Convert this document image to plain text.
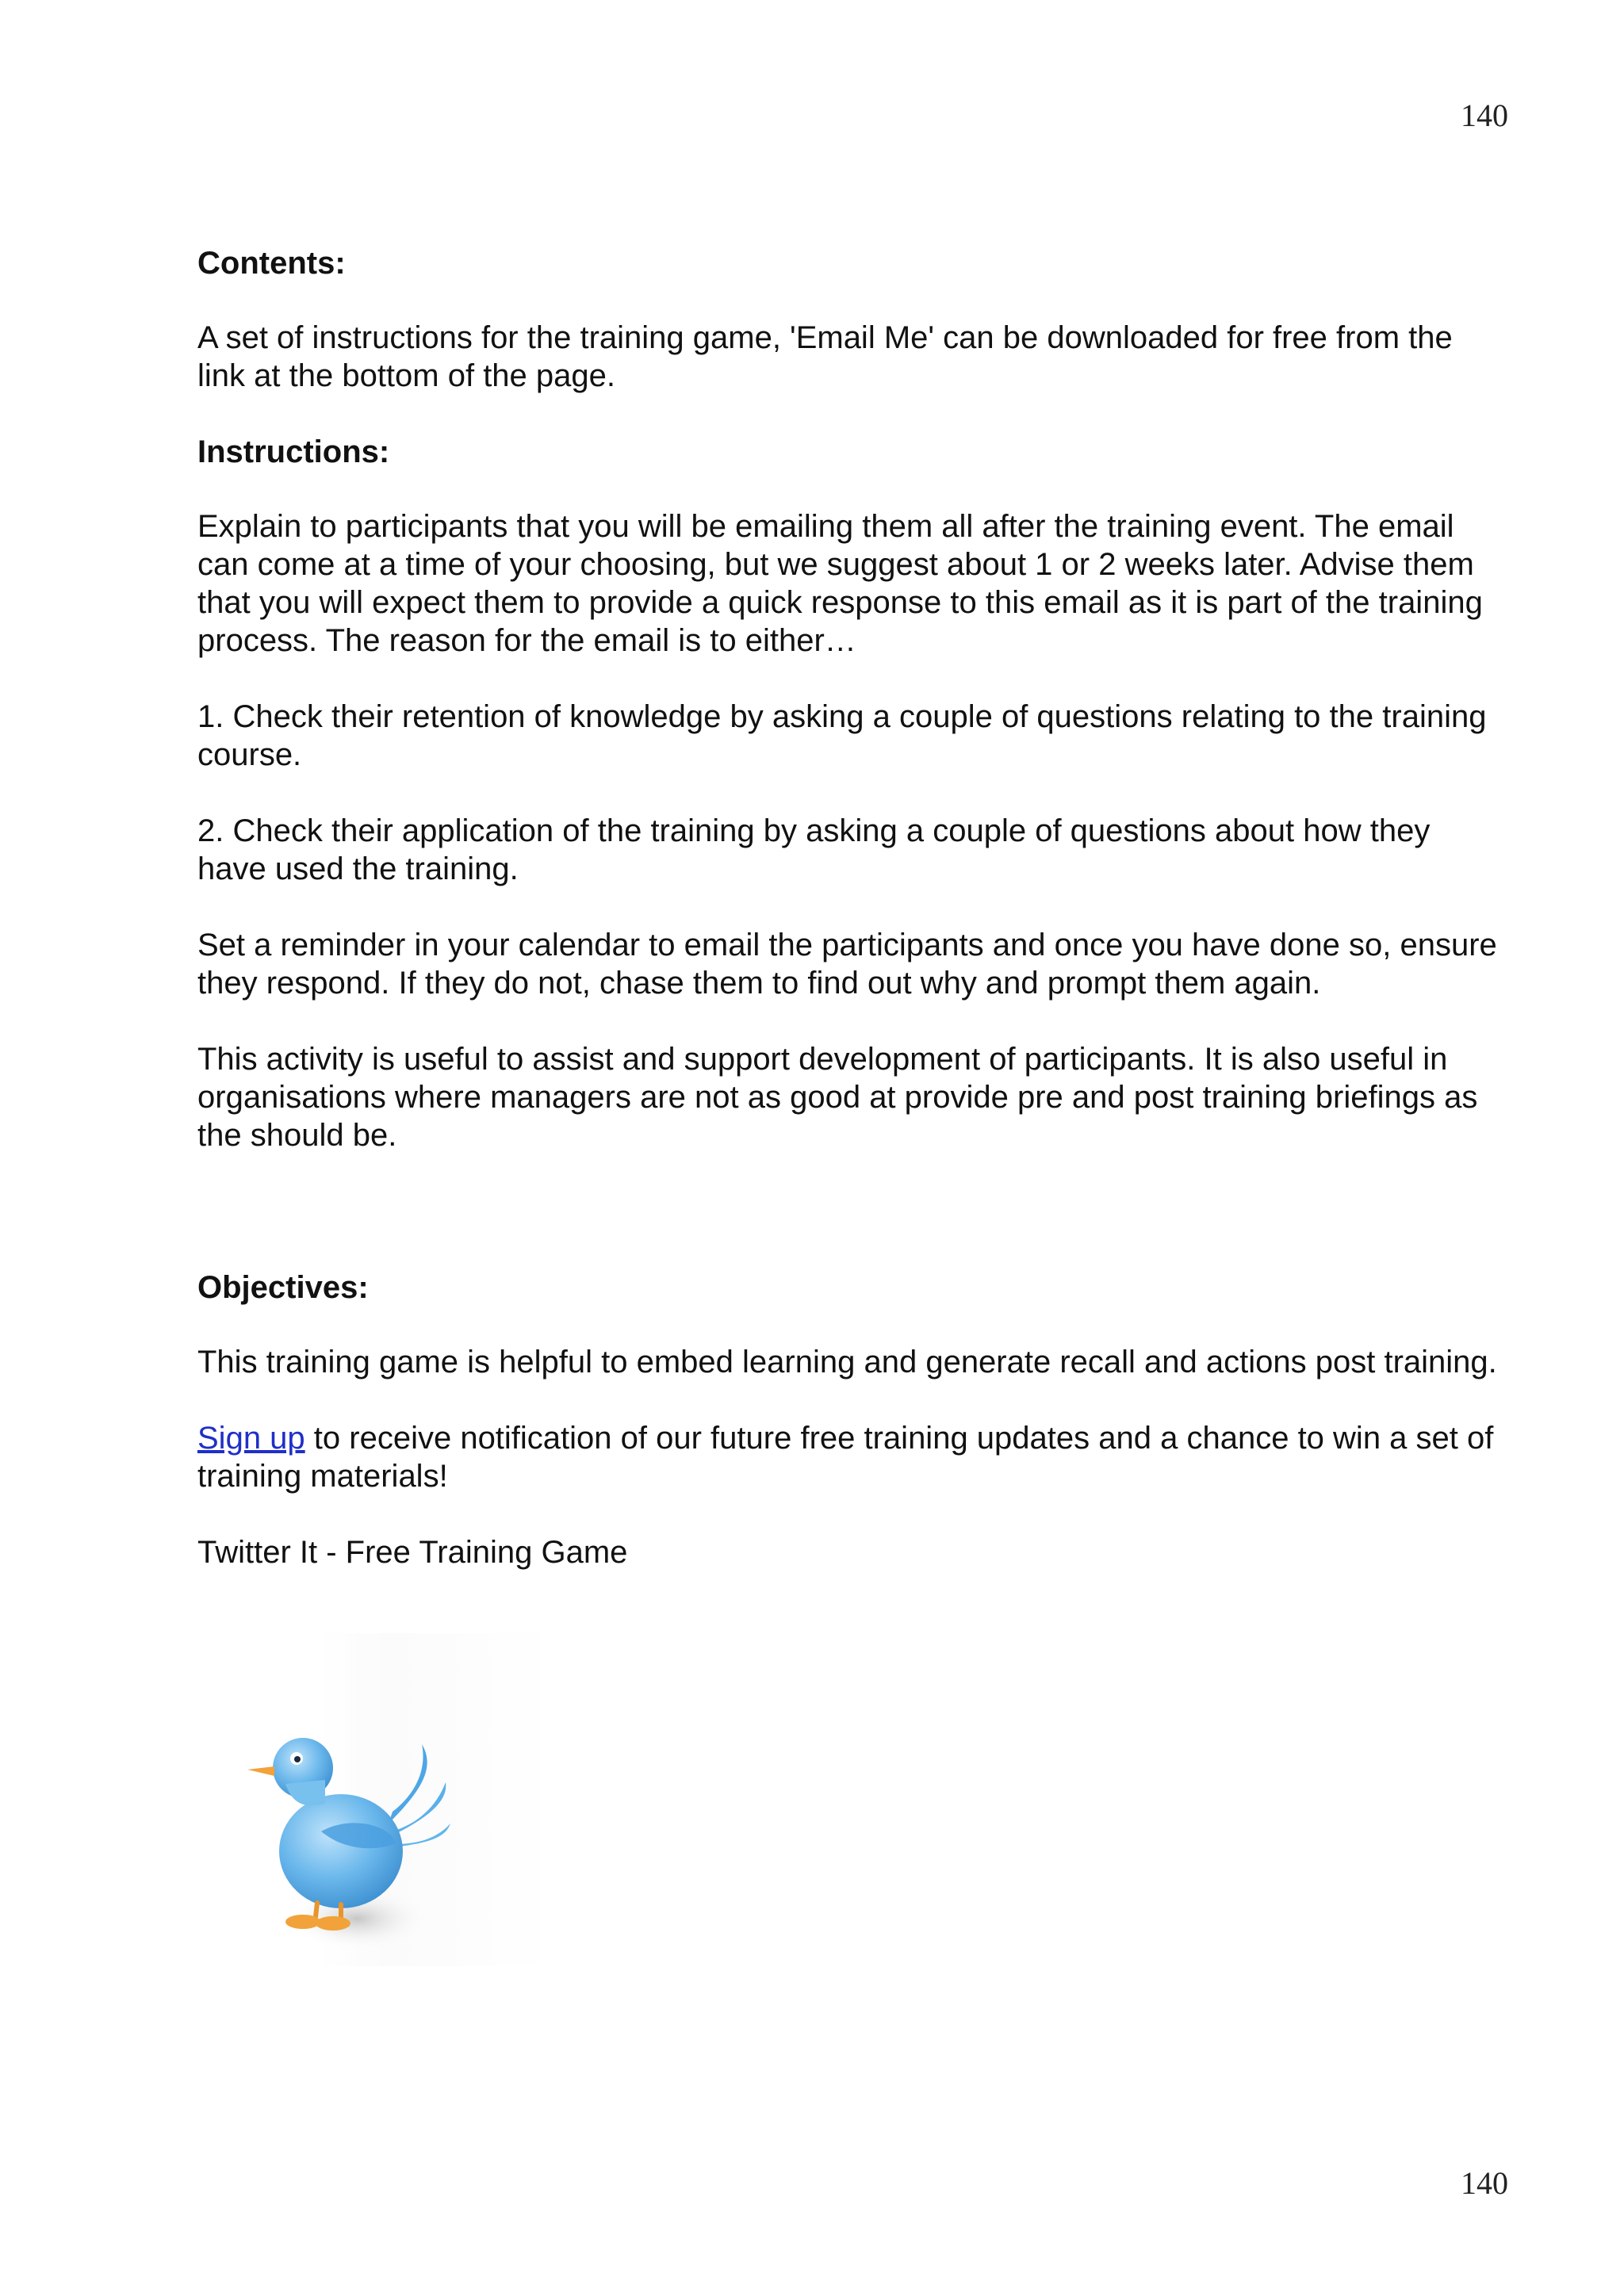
140
Contents:
A set of instructions for the training game, 'Email Me' can be downloaded for free from the link at the bottom of the page.
Instructions:
Explain to participants that you will be emailing them all after the training event. The email can come at a time of your choosing, but we suggest about 1 or 2 weeks later. Advise them that you will expect them to provide a quick response to this email as it is part of the training process. The reason for the email is to either…
1. Check their retention of knowledge by asking a couple of questions relating to the training course.
2. Check their application of the training by asking a couple of questions about how they have used the training.
Set a reminder in your calendar to email the participants and once you have done so, ensure they respond. If they do not, chase them to find out why and prompt them again.
This activity is useful to assist and support development of participants. It is also useful in organisations where managers are not as good at provide pre and post training briefings as the should be.
Objectives:
This training game is helpful to embed learning and generate recall and actions post training.
Sign up to receive notification of our future free training updates and a chance to win a set of training materials!
Twitter It - Free Training Game
140
